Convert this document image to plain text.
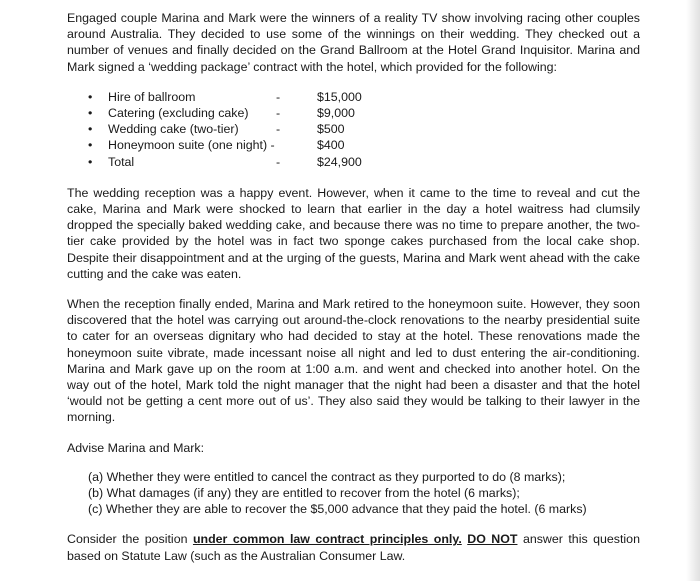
Engaged couple Marina and Mark were the winners of a reality TV show involving racing other couples around Australia. They decided to use some of the winnings on their wedding. They checked out a number of venues and finally decided on the Grand Ballroom at the Hotel Grand Inquisitor. Marina and Mark signed a ‘wedding package’ contract with the hotel, which provided for the following:

• Hire of ballroom	-	$15,000
• Catering (excluding cake) -	$9,000
• Wedding cake (two-tier)	-	$500
• Honeymoon suite (one night) -	$400
• Total	-	$24,900

The wedding reception was a happy event. However, when it came to the time to reveal and cut the cake, Marina and Mark were shocked to learn that earlier in the day a hotel waitress had clumsily dropped the specially baked wedding cake, and because there was no time to prepare another, the two-tier cake provided by the hotel was in fact two sponge cakes purchased from the local cake shop. Despite their disappointment and at the urging of the guests, Marina and Mark went ahead with the cake cutting and the cake was eaten.

When the reception finally ended, Marina and Mark retired to the honeymoon suite. However, they soon discovered that the hotel was carrying out around-the-clock renovations to the nearby presidential suite to cater for an overseas dignitary who had decided to stay at the hotel. These renovations made the honeymoon suite vibrate, made incessant noise all night and led to dust entering the air-conditioning. Marina and Mark gave up on the room at 1:00 a.m. and went and checked into another hotel. On the way out of the hotel, Mark told the night manager that the night had been a disaster and that the hotel ‘would not be getting a cent more out of us’. They also said they would be talking to their lawyer in the morning.

Advise Marina and Mark:

(a) Whether they were entitled to cancel the contract as they purported to do (8 marks);
(b) What damages (if any) they are entitled to recover from the hotel (6 marks);
(c) Whether they are able to recover the $5,000 advance that they paid the hotel. (6 marks)

Consider the position under common law contract principles only. DO NOT answer this question based on Statute Law (such as the Australian Consumer Law.
